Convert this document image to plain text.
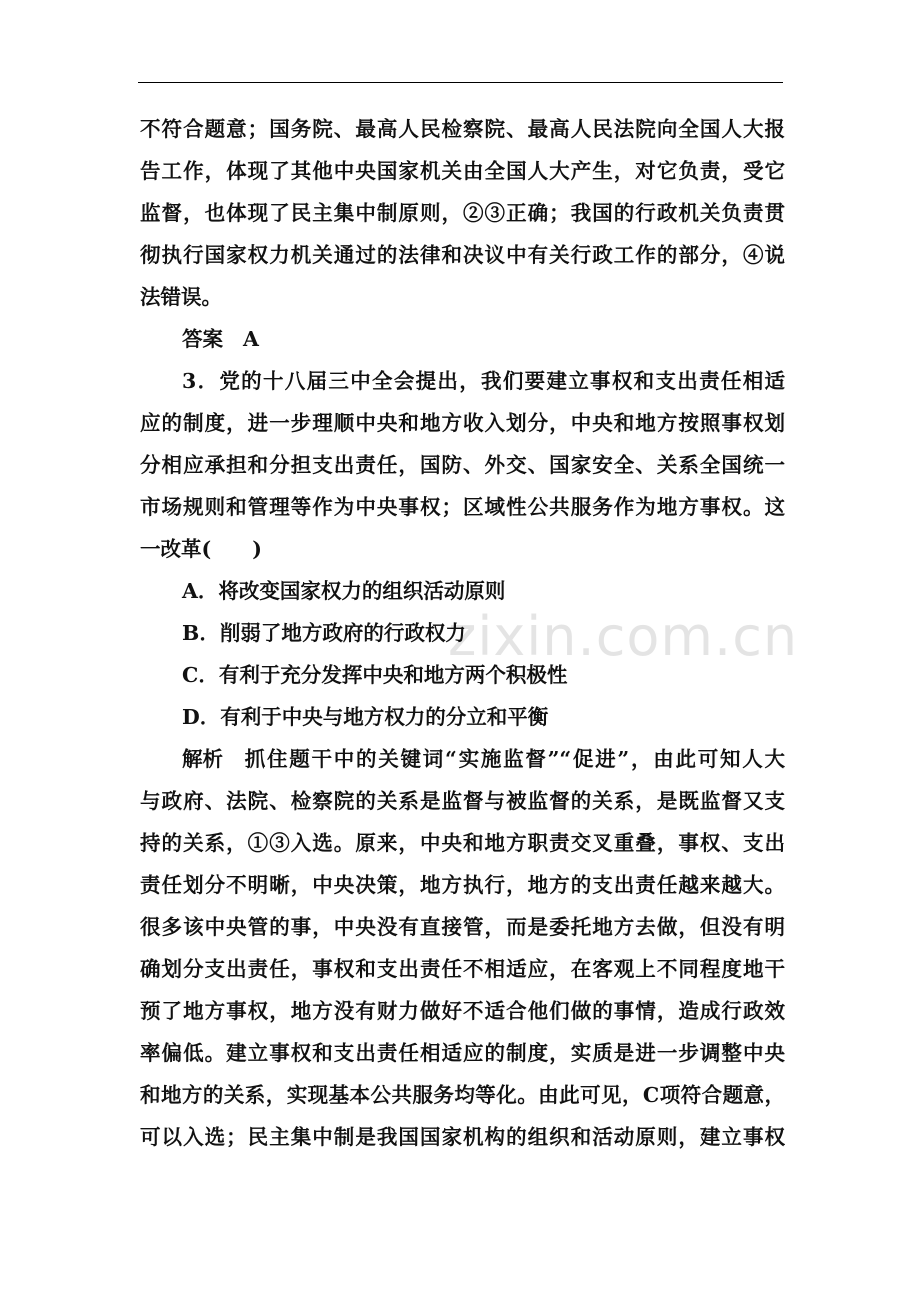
不符合题意；国务院、最高人民检察院、最高人民法院向全国人大报
告工作，体现了其他中央国家机关由全国人大产生，对它负责，受它
监督，也体现了民主集中制原则，②③正确；我国的行政机关负责贯
彻执行国家权力机关通过的法律和决议中有关行政工作的部分，④说
法错误。
答案 A
3．党的十八届三中全会提出，我们要建立事权和支出责任相适
应的制度，进一步理顺中央和地方收入划分，中央和地方按照事权划
分相应承担和分担支出责任，国防、外交、国家安全、关系全国统一
市场规则和管理等作为中央事权；区域性公共服务作为地方事权。这
一改革(　　)
A．将改变国家权力的组织活动原则
B．削弱了地方政府的行政权力
C．有利于充分发挥中央和地方两个积极性
D．有利于中央与地方权力的分立和平衡
解析 抓住题干中的关键词“实施监督”“促进”，由此可知人大
与政府、法院、检察院的关系是监督与被监督的关系，是既监督又支
持的关系，①③入选。原来，中央和地方职责交叉重叠，事权、支出
责任划分不明晰，中央决策，地方执行，地方的支出责任越来越大。
很多该中央管的事，中央没有直接管，而是委托地方去做，但没有明
确划分支出责任，事权和支出责任不相适应，在客观上不同程度地干
预了地方事权，地方没有财力做好不适合他们做的事情，造成行政效
率偏低。建立事权和支出责任相适应的制度，实质是进一步调整中央
和地方的关系，实现基本公共服务均等化。由此可见，C项符合题意，
可以入选；民主集中制是我国国家机构的组织和活动原则，建立事权
zixin.com.cn
